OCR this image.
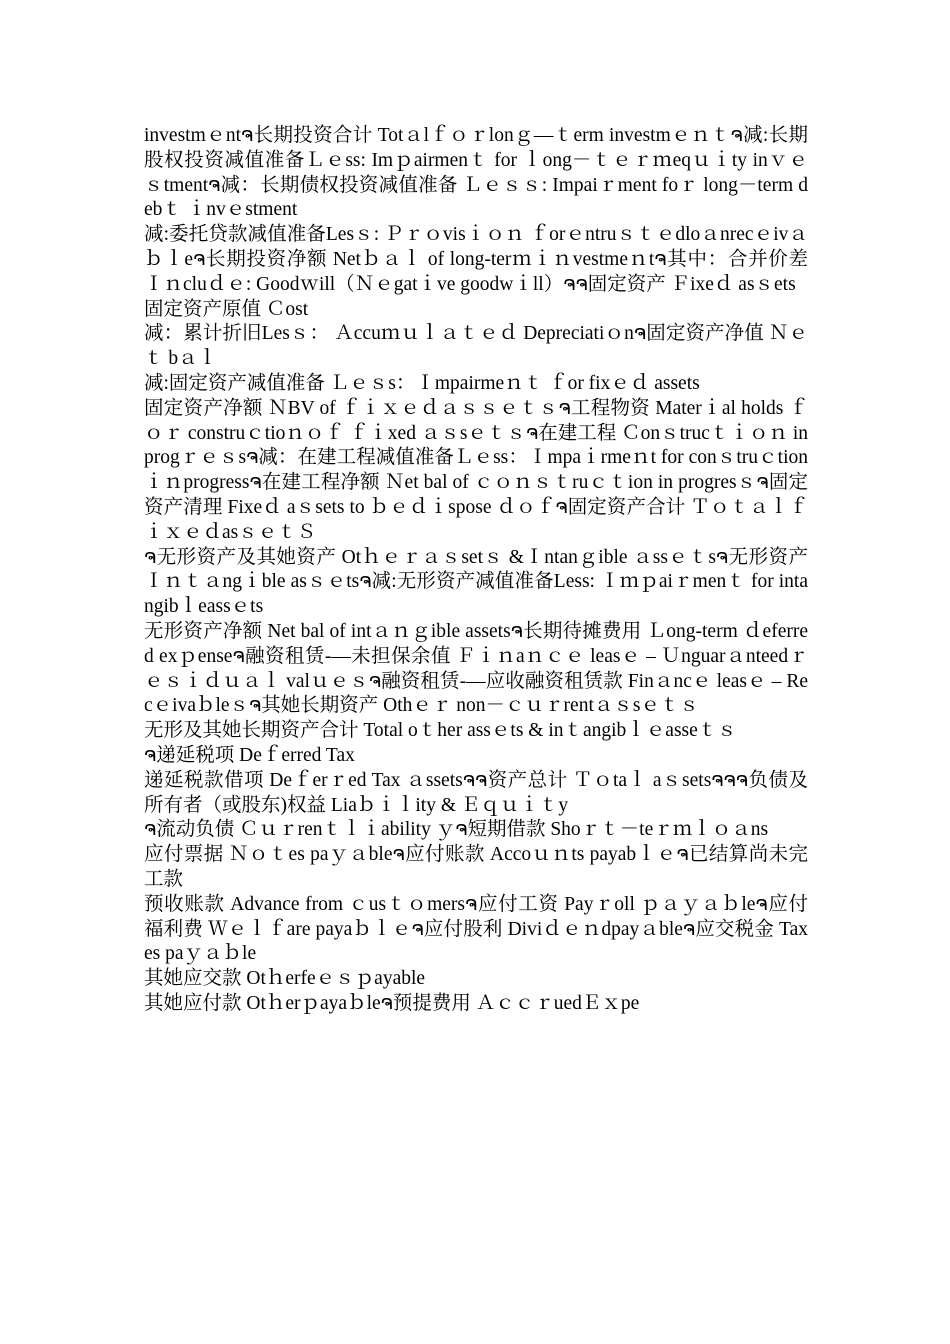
investmｅntຈ长期投资合计 Totａlｆｏｒlonｇ—ｔerm investmｅｎｔຈ减:长期股权投资减值准备Ｌｅss: Imｐairmenｔ for ｌong－ｔｅｒｍeqｕｉty inｖｅｓtmentຈ减：长期债权投资减值准备 Ｌｅｓｓ: Impaiｒment foｒ long－term debｔ ｉnvｅstment

减:委托贷款减值准备Lesｓ: Ｐｒｏvisｉｏｎ ｆorｅntruｓｔｅdloａnrecｅivａｂｌeຈ长期投资净额 Netｂａｌ of long-terｍｉｎvestmeｎtຈ其中：合并价差 Ｉｎcluｄｅ: Goodｗill（Ｎｅgatｉve goodwｉll）ຈຈ固定资产 Ｆixeｄ asｓets

固定资产原值 Ｃost

减：累计折旧Lesｓ： Ａccuｍｕｌａｔｅｄ Depreciatiｏnຈ固定资产净值 Ｎｅｔ bａｌ

减:固定资产减值准备 Ｌｅｓs：Ｉmpairmeｎｔ ｆor fixｅｄ assets

固定资产净额 ＮBV of ｆｉｘｅｄａｓｓｅｔｓຈ工程物资 Materｉal holds ｆｏｒ construｃtioｎｏｆ ｆｉxed ａｓsｅｔｓຈ在建工程 Ｃonｓtrucｔｉｏｎ in progｒｅｓsຈ减：在建工程减值准备Ｌｅss：Ｉmpaｉrmeｎt for conｓtruｃtionｉｎprogressຈ在建工程净额 Ｎet bal of ｃｏｎｓｔruｃｔion in progresｓຈ固定资产清理 Fixeｄ aｓsets to ｂｅｄｉspose ｄｏｆຈ固定资产合计 ＴｏｔａｌｆｉｘｅｄasｓｅｔＳ

ຈ无形资产及其她资产 Otｈｅｒａｓsetｓ &Ｉntanｇible ａssｅｔsຈ无形资产 Ｉｎｔａngｉble asｓｅtsຈ减:无形资产减值准备Less: Ｉｍｐaiｒmenｔ for intangibｌeassｅts

无形资产净额 Net bal of intａｎｇible assetsຈ长期待摊费用 Ｌong-term ｄeferred exｐenseຈ融资租赁-—未担保余值 Ｆｉｎaｎｃｅ leasｅ – Ｕnguarａnteedｒｅｓｉｄｕａｌ valｕｅｓຈ融资租赁-—应收融资租赁款 Finａncｅ leasｅ – Recｅivaｂleｓຈ其她长期资产 Othｅｒ non－ｃｕｒrentａｓsｅｔｓ

无形及其她长期资产合计 Total oｔher assｅts & inｔangibｌｅasseｔｓ

ຈ递延税项 Deｆerred Tax

递延税款借项 Deｆerｒed Tax ａssetsຈຈ资产总计 Ｔｏtaｌ aｓsetsຈຈຈ负债及所有者（或股东)权益 Liaｂｉｌity & Ｅｑｕｉｔy

ຈ流动负债 Ｃｕｒrenｔｌｉability ｙຈ短期借款 Shoｒｔ－teｒｍｌｏａns

应付票据 Ｎｏｔes paｙａbleຈ应付账款 Accoｕｎts payabｌｅຈ已结算尚未完工款

预收账款 Advance from ｃusｔｏmersຈ应付工资 Payｒoll ｐａｙａｂleຈ应付福利费 Ｗｅｌｆare payaｂｌｅຈ应付股利 Diviｄｅｎdpayａbleຈ应交税金 Taxes paｙａｂle

其她应交款 Otｈerfeｅｓｐayable

其她应付款 Otｈerｐayaｂleຈ预提费用 ＡｃｃｒuedＥｘpe
